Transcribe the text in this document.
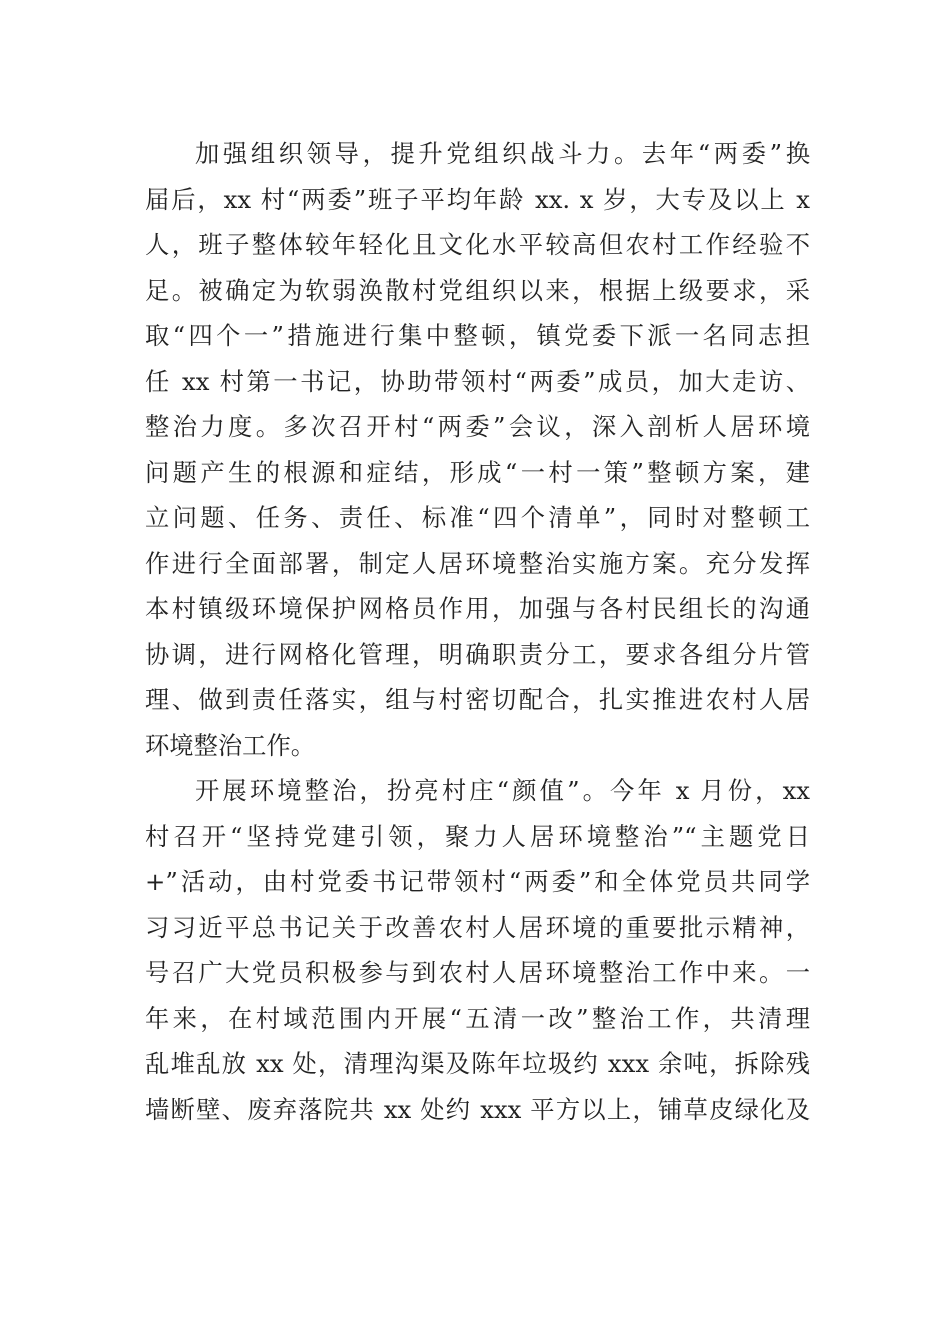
加强组织领导，提升党组织战斗力。去年“两委”换
届后，xx 村“两委”班子平均年龄 xx. x 岁，大专及以上 x
人，班子整体较年轻化且文化水平较高但农村工作经验不
足。被确定为软弱涣散村党组织以来，根据上级要求，采
取“四个一”措施进行集中整顿，镇党委下派一名同志担
任 xx 村第一书记，协助带领村“两委”成员，加大走访、
整治力度。多次召开村“两委”会议，深入剖析人居环境
问题产生的根源和症结，形成“一村一策”整顿方案，建
立问题、任务、责任、标准“四个清单”，同时对整顿工
作进行全面部署，制定人居环境整治实施方案。充分发挥
本村镇级环境保护网格员作用，加强与各村民组长的沟通
协调，进行网格化管理，明确职责分工，要求各组分片管
理、做到责任落实，组与村密切配合，扎实推进农村人居
环境整治工作。

开展环境整治，扮亮村庄“颜值”。今年 x 月份，xx
村召开“坚持党建引领，聚力人居环境整治”“主题党日
+”活动，由村党委书记带领村“两委”和全体党员共同学
习习近平总书记关于改善农村人居环境的重要批示精神，
号召广大党员积极参与到农村人居环境整治工作中来。一
年来，在村域范围内开展“五清一改”整治工作，共清理
乱堆乱放 xx 处，清理沟渠及陈年垃圾约 xxx 余吨，拆除残
墙断壁、废弃落院共 xx 处约 xxx 平方以上，铺草皮绿化及
